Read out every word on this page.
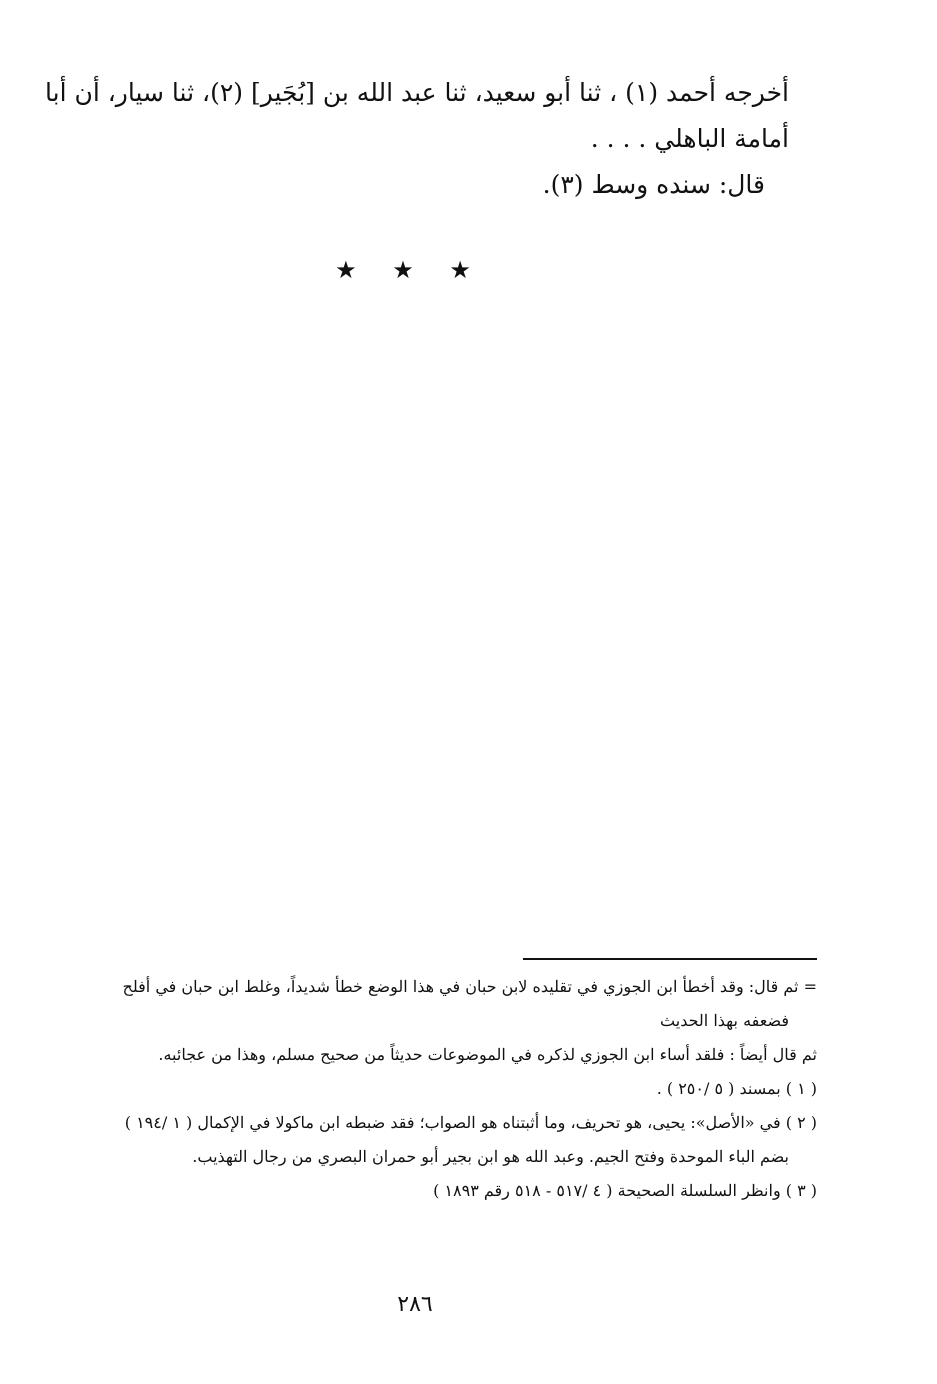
أخرجه أحمد (١) ، ثنا أبو سعيد، ثنا عبد الله بن [بُجَير] (٢)، ثنا سيار، أن أبا

أمامة الباهلي . . . .

قال: سنده وسط (٣).

★ ★ ★

= ثم قال: وقد أخطأ ابن الجوزي في تقليده لابن حبان في هذا الوضع خطأ شديداً، وغلط ابن حبان في أفلح

فضعفه بهذا الحديث

ثم قال أيضاً : فلقد أساء ابن الجوزي لذكره في الموضوعات حديثاً من صحيح مسلم، وهذا من عجائبه.

( ١ ) بمسند ( ٥ /٢٥٠ ) .

( ٢ ) في «الأصل»: يحيى، هو تحريف، وما أثبتناه هو الصواب؛ فقد ضبطه ابن ماكولا في الإكمال ( ١ /١٩٤ )

بضم الباء الموحدة وفتح الجيم. وعبد الله هو ابن بجير أبو حمران البصري من رجال التهذيب.

( ٣ ) وانظر السلسلة الصحيحة ( ٤ /٥١٧ - ٥١٨ رقم ١٨٩٣ )

٢٨٦
